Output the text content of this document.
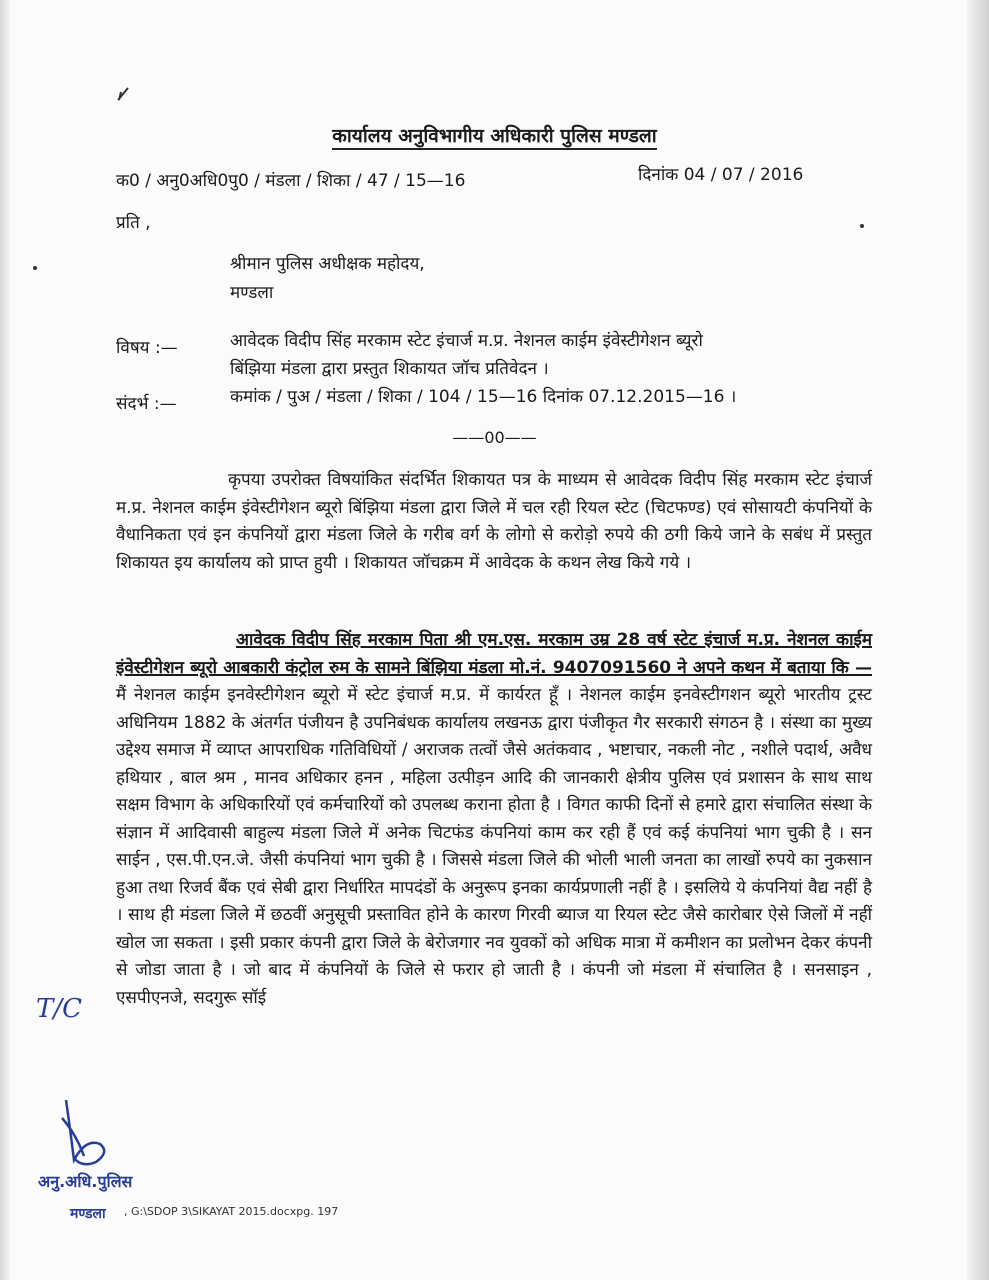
कार्यालय अनुविभागीय अधिकारी पुलिस मण्डला
क0 / अनु0अधि0पु0 / मंडला / शिका / 47 / 15—16	दिनांक 04 / 07 / 2016
प्रति ,
श्रीमान पुलिस अधीक्षक महोदय,
मण्डला
विषय :—	आवेदक विदीप सिंह मरकाम स्टेट इंचार्ज म.प्र. नेशनल काईम इंवेस्टीगेशन ब्यूरो
बिंझिया मंडला द्वारा प्रस्तुत शिकायत जॉच प्रतिवेदन ।
संदर्भ :—	कमांक / पुअ / मंडला / शिका / 104 / 15—16 दिनांक 07.12.2015—16 ।
——00——

कृपया उपरोक्त विषयांकित संदर्भित शिकायत पत्र के माध्यम से आवेदक विदीप सिंह मरकाम स्टेट इंचार्ज म.प्र. नेशनल काईम इंवेस्टीगेशन ब्यूरो बिंझिया मंडला द्वारा जिले में चल रही रियल स्टेट (चिटफण्ड) एवं सोसायटी कंपनियों के वैधानिकता एवं इन कंपनियों द्वारा मंडला जिले के गरीब वर्ग के लोगो से करोड़ो रुपये की ठगी किये जाने के सबंध में प्रस्तुत शिकायत इय कार्यालय को प्राप्त हुयी । शिकायत जॉचक्रम में आवेदक के कथन लेख किये गये ।

आवेदक विदीप सिंह मरकाम पिता श्री एम.एस. मरकाम उम्र 28 वर्ष स्टेट इंचार्ज म.प्र. नेशनल काईम इंवेस्टीगेशन ब्यूरो आबकारी कंट्रोल रुम के सामने बिंझिया मंडला मो.नं. 9407091560 ने अपने कथन में बताया कि — मैं नेशनल काईम इनवेस्टीगेशन ब्यूरो में स्टेट इंचार्ज म.प्र. में कार्यरत हूँ । नेशनल काईम इनवेस्टीगशन ब्यूरो भारतीय ट्रस्ट अधिनियम 1882 के अंतर्गत पंजीयन है उपनिबंधक कार्यालय लखनऊ द्वारा पंजीकृत गैर सरकारी संगठन है । संस्था का मुख्य उद्देश्य समाज में व्याप्त आपराधिक गतिविधियों / अराजक तत्वों जैसे अतंकवाद , भष्टाचार, नकली नोट , नशीले पदार्थ, अवैध हथियार , बाल श्रम , मानव अधिकार हनन , महिला उत्पीड़न आदि की जानकारी क्षेत्रीय पुलिस एवं प्रशासन के साथ साथ सक्षम विभाग के अधिकारियों एवं कर्मचारियों को उपलब्ध कराना होता है । विगत काफी दिनों से हमारे द्वारा संचालित संस्था के संज्ञान में आदिवासी बाहुल्य मंडला जिले में अनेक चिटफंड कंपनियां काम कर रही हैं एवं कई कंपनियां भाग चुकी है । सन साईन , एस.पी.एन.जे. जैसी कंपनियां भाग चुकी है । जिससे मंडला जिले की भोली भाली जनता का लाखों रुपये का नुकसान हुआ तथा रिजर्व बैंक एवं सेबी द्वारा निर्धारित मापदंडों के अनुरूप इनका कार्यप्रणाली नहीं है । इसलिये ये कंपनियां वैद्य नहीं है । साथ ही मंडला जिले में छठवीं अनुसूची प्रस्तावित होने के कारण गिरवी ब्याज या रियल स्टेट जैसे कारोबार ऐसे जिलों में नहीं खोल जा सकता । इसी प्रकार कंपनी द्वारा जिले के बेरोजगार नव युवकों को अधिक मात्रा में कमीशन का प्रलोभन देकर कंपनी से जोडा जाता है । जो बाद में कंपनियों के जिले से फरार हो जाती है । कंपनी जो मंडला में संचालित है । सनसाइन , एसपीएनजे, सदगुरू सॉई

T/C
अनु.अधि.पुलिस
मण्डला , G:\SDOP 3\SIKAYAT 2015.docxpg. 197
